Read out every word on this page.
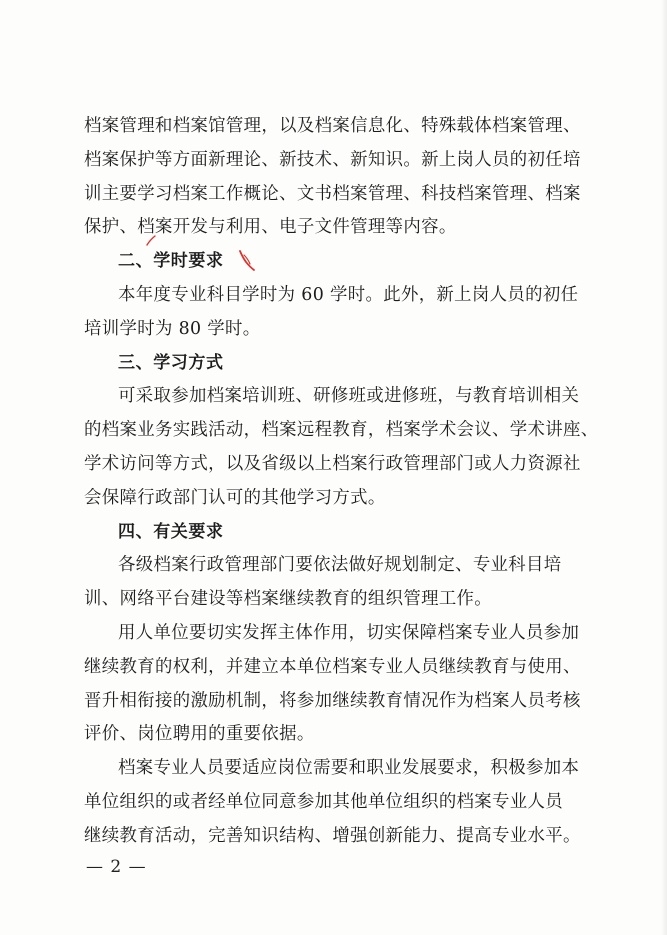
档案管理和档案馆管理，以及档案信息化、特殊载体档案管理、
档案保护等方面新理论、新技术、新知识。新上岗人员的初任培
训主要学习档案工作概论、文书档案管理、科技档案管理、档案
保护、档案开发与利用、电子文件管理等内容。
二、学时要求
本年度专业科目学时为 60 学时。此外，新上岗人员的初任
培训学时为 80 学时。
三、学习方式
可采取参加档案培训班、研修班或进修班，与教育培训相关
的档案业务实践活动，档案远程教育，档案学术会议、学术讲座、
学术访问等方式，以及省级以上档案行政管理部门或人力资源社
会保障行政部门认可的其他学习方式。
四、有关要求
各级档案行政管理部门要依法做好规划制定、专业科目培
训、网络平台建设等档案继续教育的组织管理工作。
用人单位要切实发挥主体作用，切实保障档案专业人员参加
继续教育的权利，并建立本单位档案专业人员继续教育与使用、
晋升相衔接的激励机制，将参加继续教育情况作为档案人员考核
评价、岗位聘用的重要依据。
档案专业人员要适应岗位需要和职业发展要求，积极参加本
单位组织的或者经单位同意参加其他单位组织的档案专业人员
继续教育活动，完善知识结构、增强创新能力、提高专业水平。
— 2 —
